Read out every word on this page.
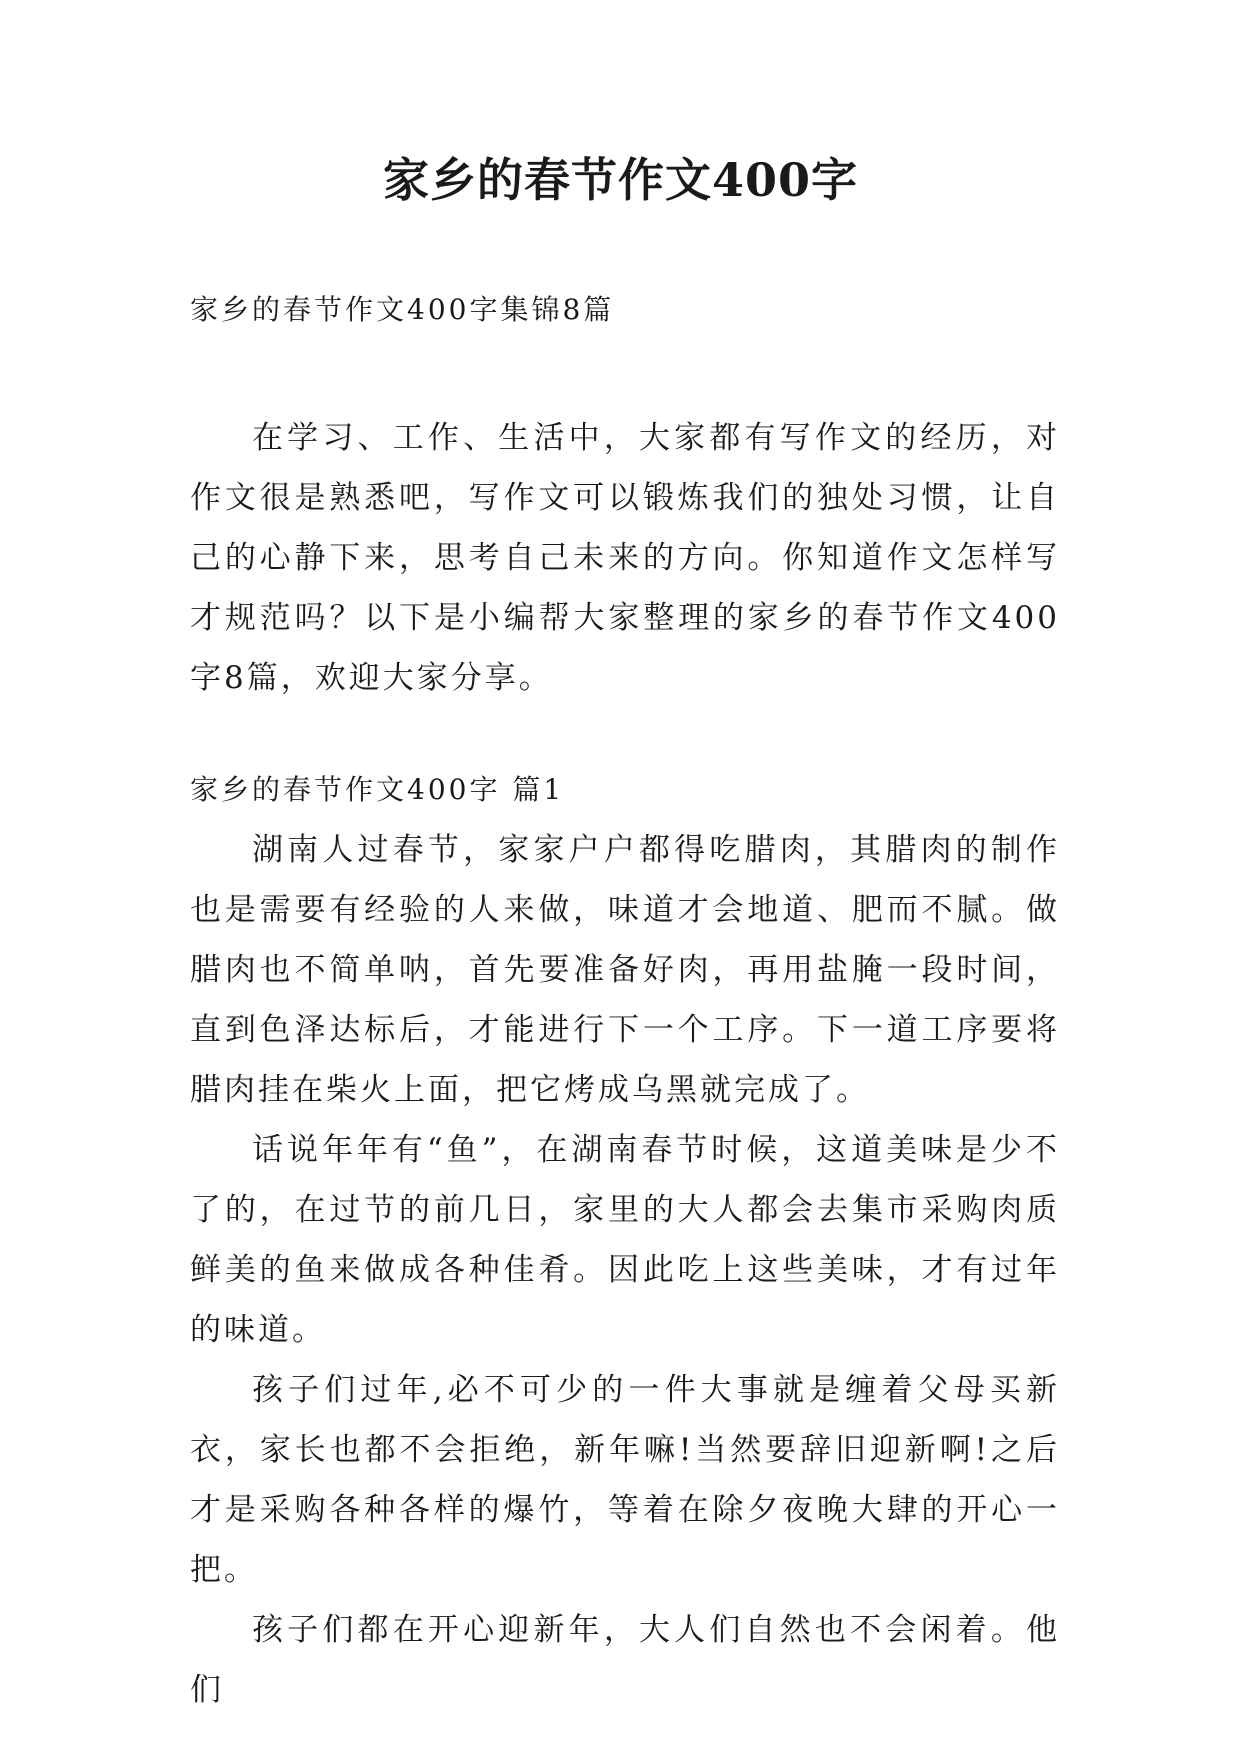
家乡的春节作文400字

家乡的春节作文400字集锦8篇

在学习、工作、生活中，大家都有写作文的经历，对作文很是熟悉吧，写作文可以锻炼我们的独处习惯，让自己的心静下来，思考自己未来的方向。你知道作文怎样写才规范吗？以下是小编帮大家整理的家乡的春节作文400字8篇，欢迎大家分享。

家乡的春节作文400字 篇1

湖南人过春节，家家户户都得吃腊肉，其腊肉的制作也是需要有经验的人来做，味道才会地道、肥而不腻。做腊肉也不简单呐，首先要准备好肉，再用盐腌一段时间，直到色泽达标后，才能进行下一个工序。下一道工序要将腊肉挂在柴火上面，把它烤成乌黑就完成了。

话说年年有“鱼”，在湖南春节时候，这道美味是少不了的，在过节的前几日，家里的大人都会去集市采购肉质鲜美的鱼来做成各种佳肴。因此吃上这些美味，才有过年的味道。

孩子们过年,必不可少的一件大事就是缠着父母买新衣，家长也都不会拒绝，新年嘛!当然要辞旧迎新啊!之后才是采购各种各样的爆竹，等着在除夕夜晚大肆的开心一把。

孩子们都在开心迎新年，大人们自然也不会闲着。他们
